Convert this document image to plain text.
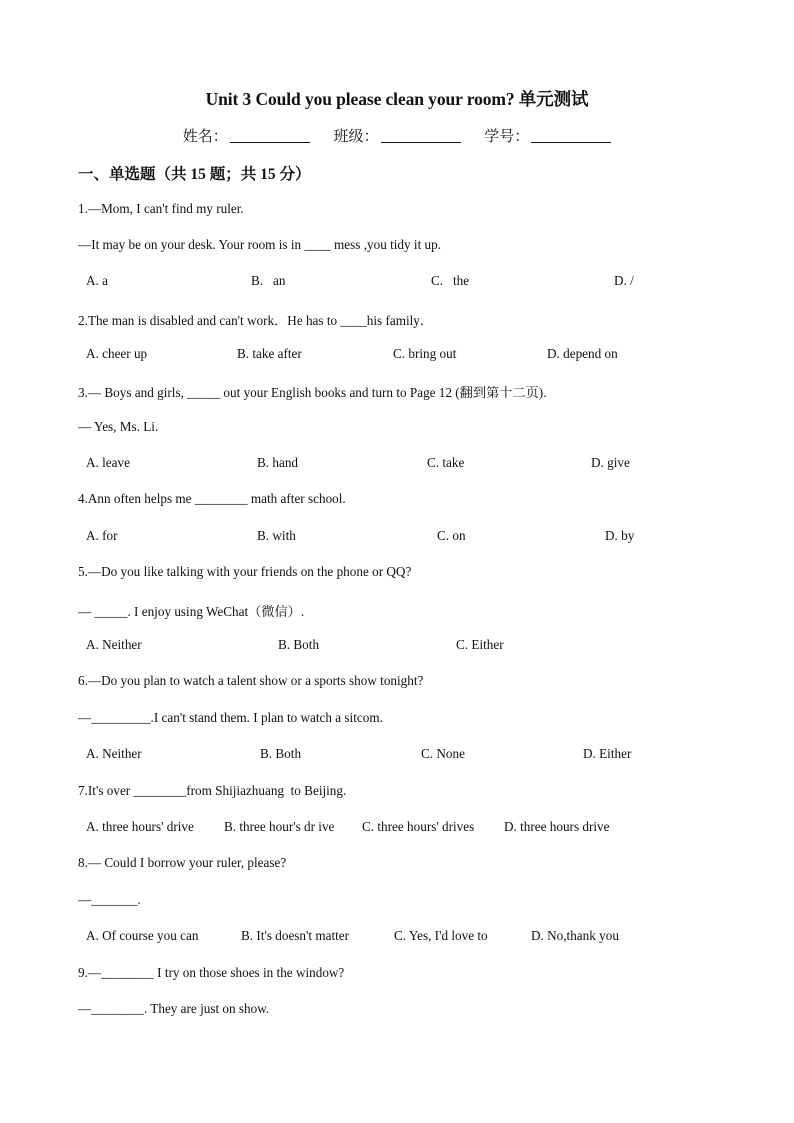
Unit 3 Could you please clean your room? 单元测试
姓名：	班级：	学号：
一、单选题（共 15 题；共 15 分）
1.—Mom, I can't find my ruler.
—It may be on your desk. Your room is in ____ mess ,you tidy it up.

A. a

	B.   an

	C.   the

	D. /

2.The man is disabled and can't work．He has to ____his family．

A. cheer up

	B. take after

	C. bring out

	D. depend on

3.— Boys and girls, _____ out your English books and turn to Page 12 (翻到第十二页).
— Yes, Ms. Li.

A. leave

	B. hand

	C. take

	D. give

4.Ann often helps me ________ math after school.

A. for

	B. with

	C. on

	D. by

5.—Do you like talking with your friends on the phone or QQ?
— _____. I enjoy using WeChat（微信）.

A. Neither

	B. Both

	C. Either

6.—Do you plan to watch a talent show or a sports show tonight?
—_________.I can't stand them. I plan to watch a sitcom.

A. Neither

	B. Both

	C. None

	D. Either

7.It's over ________from Shijiazhuang  to Beijing.

A. three hours' drive

B. three hour's dr ive

C. three hours' drives

D. three hours drive

8.— Could I borrow your ruler, please?
—_______.

A. Of course you can

	B. It's doesn't matter

	C. Yes, I'd love to

	D. No,thank you

9.—________ I try on those shoes in the window?
—________. They are just on show.
